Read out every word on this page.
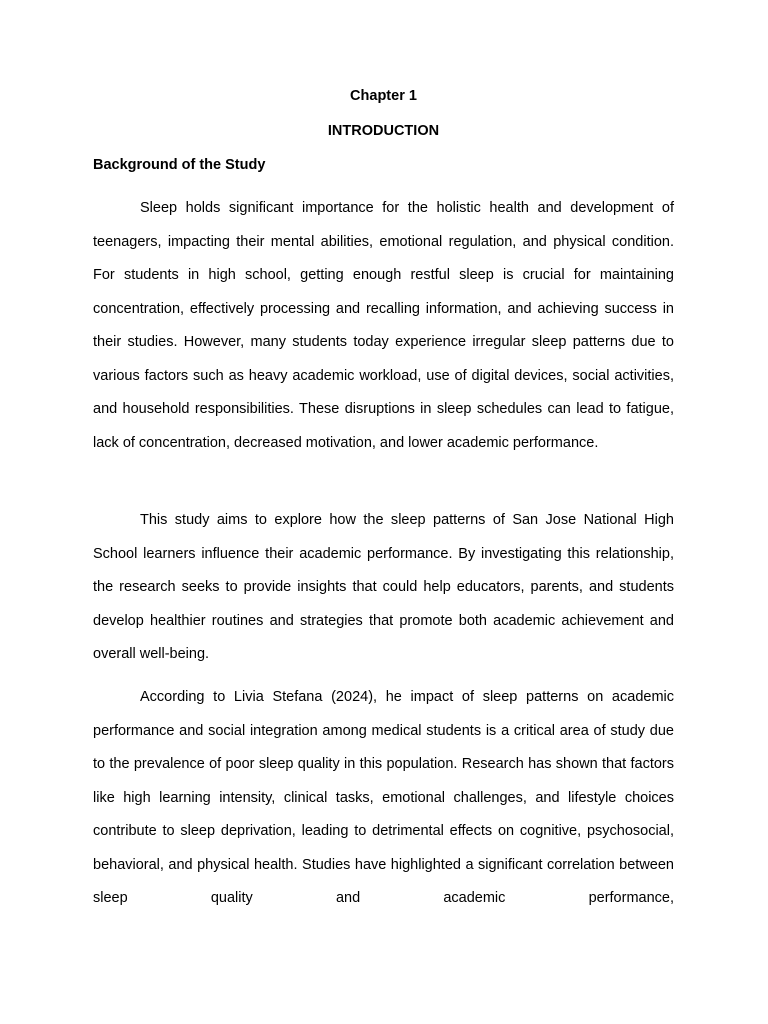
Chapter 1
INTRODUCTION
Background of the Study

Sleep holds significant importance for the holistic health and development of teenagers, impacting their mental abilities, emotional regulation, and physical condition. For students in high school, getting enough restful sleep is crucial for maintaining concentration, effectively processing and recalling information, and achieving success in their studies. However, many students today experience irregular sleep patterns due to various factors such as heavy academic workload, use of digital devices, social activities, and household responsibilities. These disruptions in sleep schedules can lead to fatigue, lack of concentration, decreased motivation, and lower academic performance.

This study aims to explore how the sleep patterns of San Jose National High School learners influence their academic performance. By investigating this relationship, the research seeks to provide insights that could help educators, parents, and students develop healthier routines and strategies that promote both academic achievement and overall well-being.

According to Livia Stefana (2024), he impact of sleep patterns on academic performance and social integration among medical students is a critical area of study due to the prevalence of poor sleep quality in this population. Research has shown that factors like high learning intensity, clinical tasks, emotional challenges, and lifestyle choices contribute to sleep deprivation, leading to detrimental effects on cognitive, psychosocial, behavioral, and physical health. Studies have highlighted a significant correlation between sleep quality and academic performance,
